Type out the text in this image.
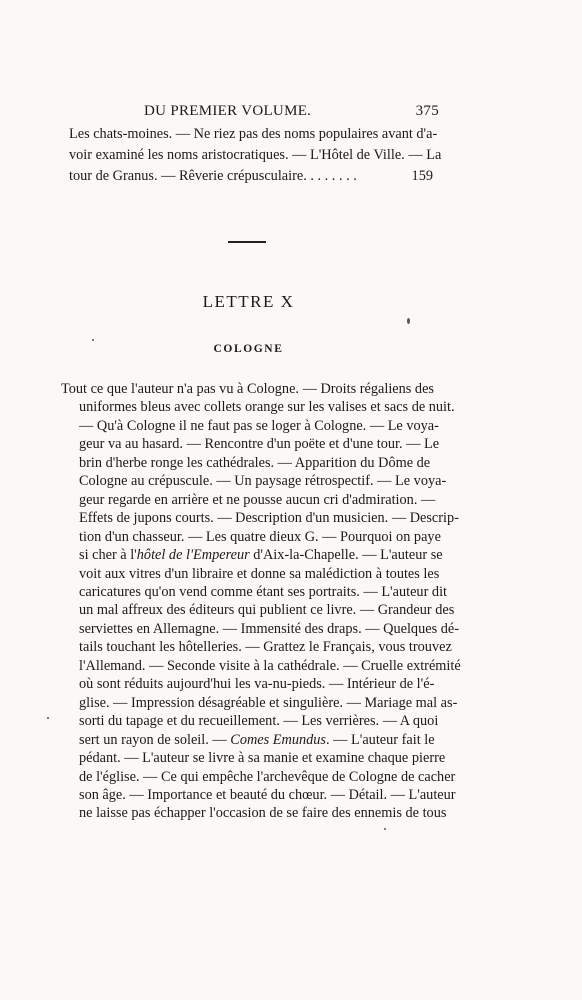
DU PREMIER VOLUME.	375
Les chats-moines. — Ne riez pas des noms populaires avant d'a-
voir examiné les noms aristocratiques. — L'Hôtel de Ville. — La
tour de Granus. — Rêverie crépusculaire. . . . . . . .	159
LETTRE X
COLOGNE
Tout ce que l'auteur n'a pas vu à Cologne. — Droits régaliens des
uniformes bleus avec collets orange sur les valises et sacs de nuit.
— Qu'à Cologne il ne faut pas se loger à Cologne. — Le voya-
geur va au hasard. — Rencontre d'un poëte et d'une tour. — Le
brin d'herbe ronge les cathédrales. — Apparition du Dôme de
Cologne au crépuscule. — Un paysage rétrospectif. — Le voya-
geur regarde en arrière et ne pousse aucun cri d'admiration. —
Effets de jupons courts. — Description d'un musicien. — Descrip-
tion d'un chasseur. — Les quatre dieux G. — Pourquoi on paye
si cher à l'hôtel de l'Empereur d'Aix-la-Chapelle. — L'auteur se
voit aux vitres d'un libraire et donne sa malédiction à toutes les
caricatures qu'on vend comme étant ses portraits. — L'auteur dit
un mal affreux des éditeurs qui publient ce livre. — Grandeur des
serviettes en Allemagne. — Immensité des draps. — Quelques dé-
tails touchant les hôtelleries. — Grattez le Français, vous trouvez
l'Allemand. — Seconde visite à la cathédrale. — Cruelle extrémité
où sont réduits aujourd'hui les va-nu-pieds. — Intérieur de l'é-
glise. — Impression désagréable et singulière. — Mariage mal as-
sorti du tapage et du recueillement. — Les verrières. — A quoi
sert un rayon de soleil. — Comes Emundus. — L'auteur fait le
pédant. — L'auteur se livre à sa manie et examine chaque pierre
de l'église. — Ce qui empêche l'archevêque de Cologne de cacher
son âge. — Importance et beauté du chœur. — Détail. — L'auteur
ne laisse pas échapper l'occasion de se faire des ennemis de tous
